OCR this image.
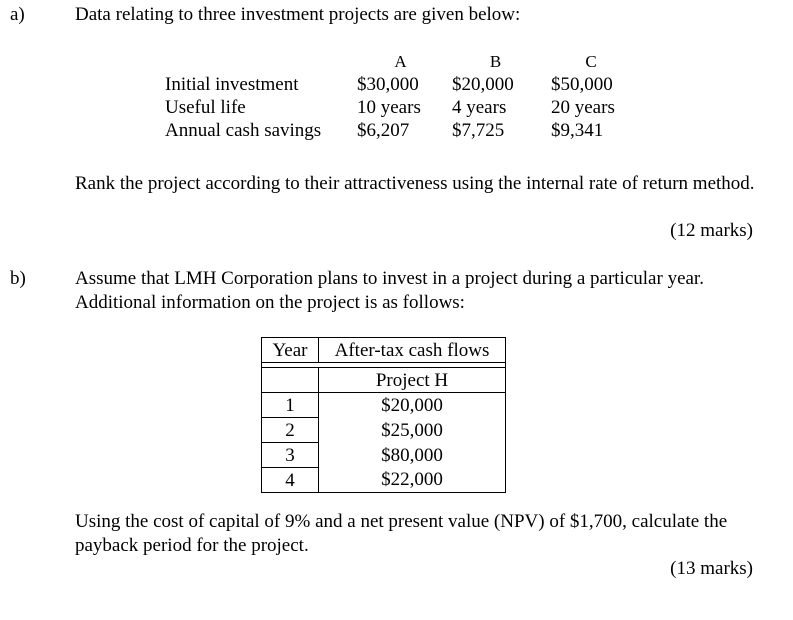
a)	Data relating to three investment projects are given below:
	A	B	C
Initial investment	$30,000	$20,000	$50,000
Useful life	10 years	4 years	20 years
Annual cash savings	$6,207	$7,725	$9,341
Rank the project according to their attractiveness using the internal rate of return method.
(12 marks)
b)	Assume that LMH Corporation plans to invest in a project during a particular year. Additional information on the project is as follows:
Year	After-tax cash flows

	Project H
1	$20,000
2	$25,000
3	$80,000
4	$22,000
Using the cost of capital of 9% and a net present value (NPV) of $1,700, calculate the payback period for the project.
(13 marks)
